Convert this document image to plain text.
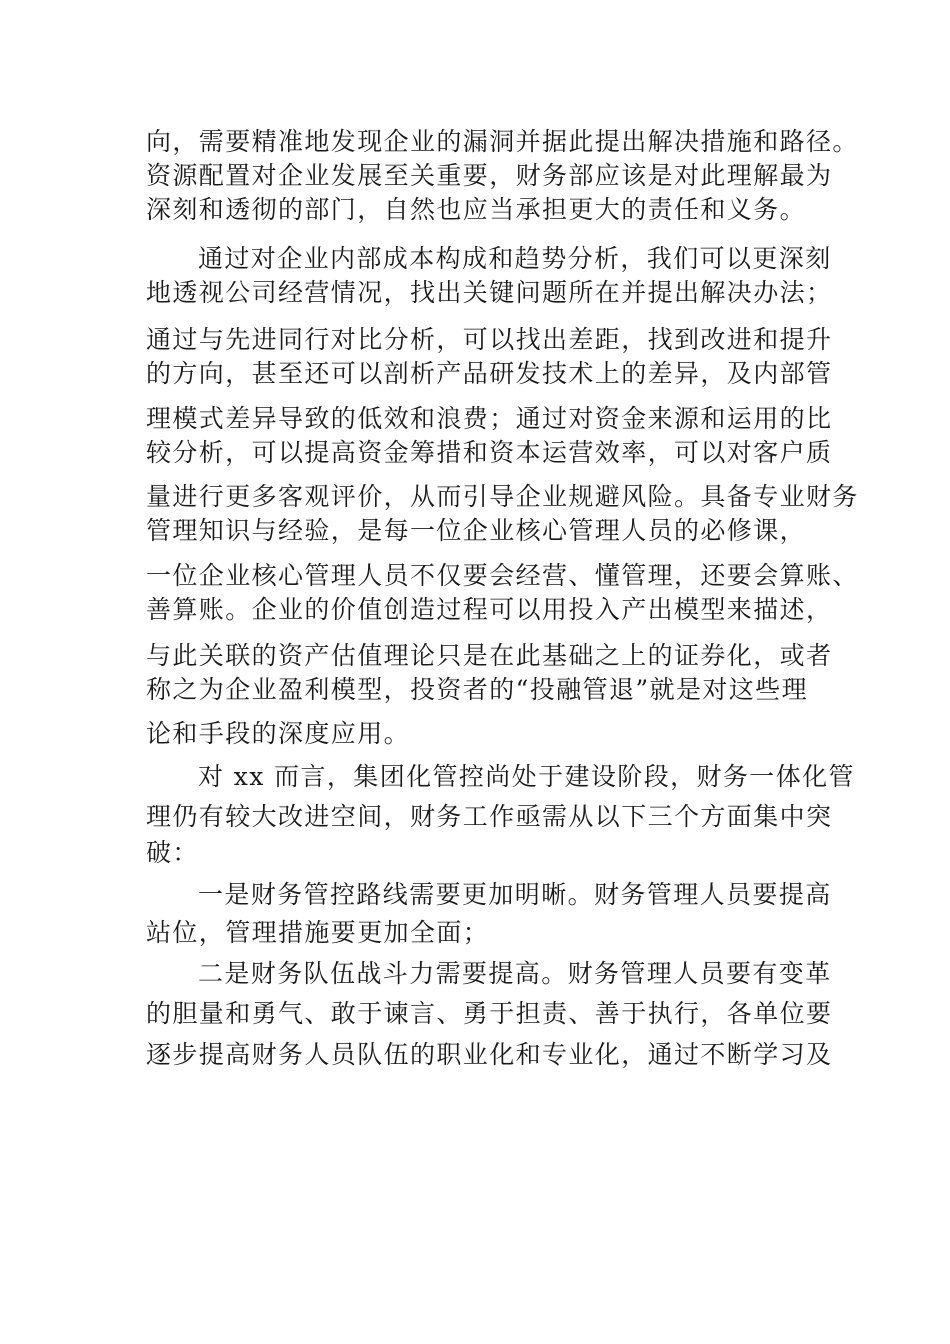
向，需要精准地发现企业的漏洞并据此提出解决措施和路径。
资源配置对企业发展至关重要，财务部应该是对此理解最为
深刻和透彻的部门，自然也应当承担更大的责任和义务。
通过对企业内部成本构成和趋势分析，我们可以更深刻
地透视公司经营情况，找出关键问题所在并提出解决办法；
通过与先进同行对比分析，可以找出差距，找到改进和提升
的方向，甚至还可以剖析产品研发技术上的差异，及内部管
理模式差异导致的低效和浪费；通过对资金来源和运用的比
较分析，可以提高资金筹措和资本运营效率，可以对客户质
量进行更多客观评价，从而引导企业规避风险。具备专业财务
管理知识与经验，是每一位企业核心管理人员的必修课，
一位企业核心管理人员不仅要会经营、懂管理，还要会算账、
善算账。企业的价值创造过程可以用投入产出模型来描述，
与此关联的资产估值理论只是在此基础之上的证券化，或者
称之为企业盈利模型，投资者的“投融管退”就是对这些理
论和手段的深度应用。
对 xx 而言，集团化管控尚处于建设阶段，财务一体化管
理仍有较大改进空间，财务工作亟需从以下三个方面集中突
破：
一是财务管控路线需要更加明晰。财务管理人员要提高
站位，管理措施要更加全面；
二是财务队伍战斗力需要提高。财务管理人员要有变革
的胆量和勇气、敢于谏言、勇于担责、善于执行，各单位要
逐步提高财务人员队伍的职业化和专业化，通过不断学习及
